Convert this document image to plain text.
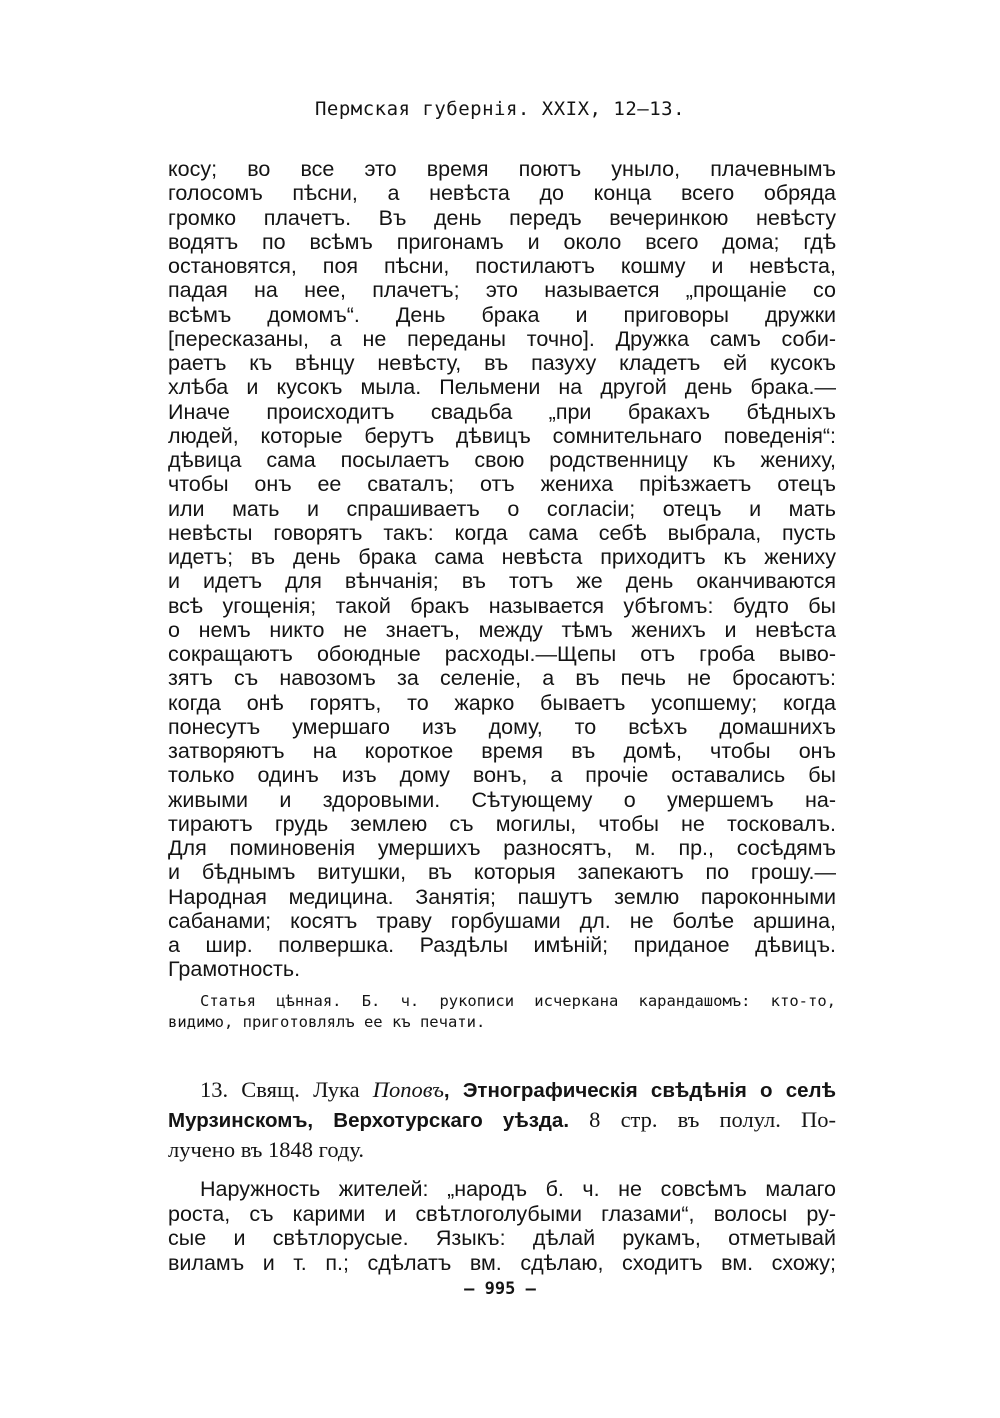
Пермская губернія. XXIX, 12—13.
косу; во все это время поютъ уныло, плачевнымъ
голосомъ пѣсни, а невѣста до конца всего обряда
громко плачетъ. Въ день передъ вечеринкою невѣсту
водятъ по всѣмъ пригонамъ и около всего дома; гдѣ
остановятся, поя пѣсни, постилаютъ кошму и невѣста,
падая на нее, плачетъ; это называется „прощаніе со
всѣмъ домомъ“. День брака и приговоры дружки
[пересказаны, а не переданы точно]. Дружка самъ соби-
раетъ къ вѣнцу невѣсту, въ пазуху кладетъ ей кусокъ
хлѣба и кусокъ мыла. Пельмени на другой день брака.—
Иначе происходитъ свадьба „при бракахъ бѣдныхъ
людей, которые берутъ дѣвицъ сомнительнаго поведенія“:
дѣвица сама посылаетъ свою родственницу къ жениху,
чтобы онъ ее сваталъ; отъ жениха пріѣзжаетъ отецъ
или мать и спрашиваетъ о согласіи; отецъ и мать
невѣсты говорятъ такъ: когда сама себѣ выбрала, пусть
идетъ; въ день брака сама невѣста приходитъ къ жениху
и идетъ для вѣнчанія; въ тотъ же день оканчиваются
всѣ угощенія; такой бракъ называется убѣгомъ: будто бы
о немъ никто не знаетъ, между тѣмъ женихъ и невѣста
сокращаютъ обоюдные расходы.—Щепы отъ гроба выво-
зятъ съ навозомъ за селеніе, а въ печь не бросаютъ:
когда онѣ горятъ, то жарко бываетъ усопшему; когда
понесутъ умершаго изъ дому, то всѣхъ домашнихъ
затворяютъ на короткое время въ домѣ, чтобы онъ
только одинъ изъ дому вонъ, а прочіе оставались бы
живыми и здоровыми. Сѣтующему о умершемъ на-
тираютъ грудь землею съ могилы, чтобы не тосковалъ.
Для поминовенія умершихъ разносятъ, м. пр., сосѣдямъ
и бѣднымъ витушки, въ которыя запекаютъ по грошу.—
Народная медицина. Занятія; пашутъ землю пароконными
сабанами; косятъ траву горбушами дл. не болѣе аршина,
а шир. полвершка. Раздѣлы имѣній; приданое дѣвицъ.
Грамотность.
Статья цѣнная. Б. ч. рукописи исчеркана карандашомъ: кто-то,
видимо, приготовлялъ ее къ печати.
13. Свящ. Лука Поповъ, Этнографическія свѣдѣнія о селѣ
Мурзинскомъ, Верхотурскаго уѣзда. 8 стр. въ полул. По-
лучено въ 1848 году.
Наружность жителей: „народъ б. ч. не совсѣмъ малаго
роста, съ карими и свѣтлоголубыми глазами“, волосы ру-
сые и свѣтлорусые. Языкъ: дѣлай рукамъ, отметывай
виламъ и т. п.; сдѣлатъ вм. сдѣлаю, сходитъ вм. схожу;
— 995 —
